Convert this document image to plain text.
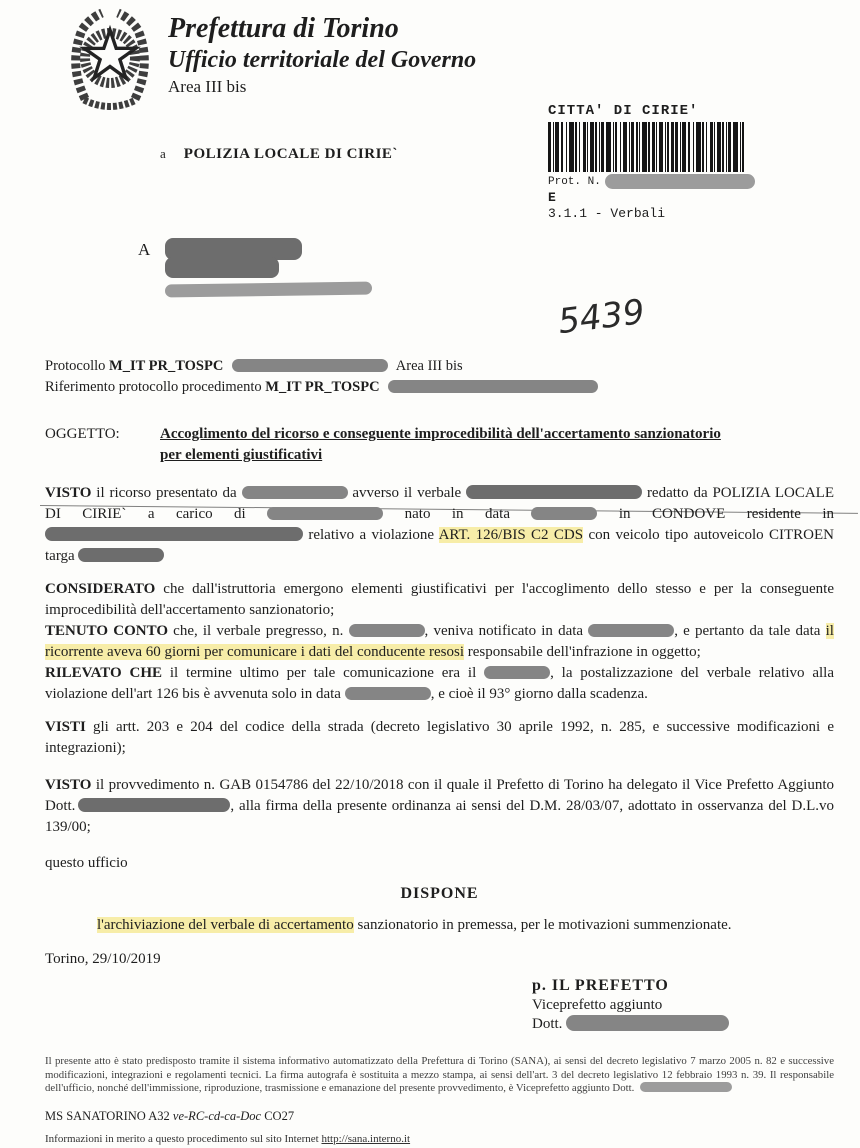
Prefettura di Torino
Ufficio territoriale del Governo
Area III bis
CITTA' DI CIRIE'
Prot. N.
E
3.1.1 - Verbali
a POLIZIA LOCALE DI CIRIE`
A
5439
Protocollo M_IT PR_TOSPC	Area III bis
Riferimento protocollo procedimento M_IT PR_TOSPC
OGGETTO:	Accoglimento del ricorso e conseguente improcedibilità dell'accertamento sanzionatorio
per elementi giustificativi

VISTO il ricorso presentato da	avverso il verbale	redatto da POLIZIA LOCALE DI CIRIE` a carico di	nato in data	in CONDOVE residente in  relativo a violazione ART. 126/BIS C2 CDS con veicolo tipo autoveicolo CITROEN targa

CONSIDERATO che dall'istruttoria emergono elementi giustificativi per l'accoglimento dello stesso e per la conseguente improcedibilità dell'accertamento sanzionatorio;

TENUTO CONTO che, il verbale pregresso, n.	, veniva notificato in data	, e pertanto da tale data il ricorrente aveva 60 giorni per comunicare i dati del conducente resosi responsabile dell'infrazione in oggetto;

RILEVATO CHE il termine ultimo per tale comunicazione era il	, la postalizzazione del verbale relativo alla violazione dell'art 126 bis è avvenuta solo in data	, e cioè il 93° giorno dalla scadenza.

VISTI gli artt. 203 e 204 del codice della strada (decreto legislativo 30 aprile 1992, n. 285, e successive modificazioni e integrazioni);

VISTO il provvedimento n. GAB 0154786 del 22/10/2018 con il quale il Prefetto di Torino ha delegato il Vice Prefetto Aggiunto Dott.	, alla firma della presente ordinanza ai sensi del D.M. 28/03/07, adottato in osservanza del D.L.vo 139/00;

questo ufficio

DISPONE

l'archiviazione del verbale di accertamento sanzionatorio in premessa, per le motivazioni summenzionate.

Torino, 29/10/2019

p. IL PREFETTO
Viceprefetto aggiunto
Dott.

Il presente atto è stato predisposto tramite il sistema informativo automatizzato della Prefettura di Torino (SANA), ai sensi del decreto legislativo 7 marzo 2005 n. 82 e successive modificazioni, integrazioni e regolamenti tecnici. La firma autografa è sostituita a mezzo stampa, ai sensi dell'art. 3 del decreto legislativo 12 febbraio 1993 n. 39. Il responsabile dell'ufficio, nonché dell'immissione, riproduzione, trasmissione e emanazione del presente provvedimento, è Viceprefetto aggiunto Dott.

MS SANATORINO A32 ve-RC-cd-ca-Doc CO27

Informazioni in merito a questo procedimento sul sito Internet http://sana.interno.it
